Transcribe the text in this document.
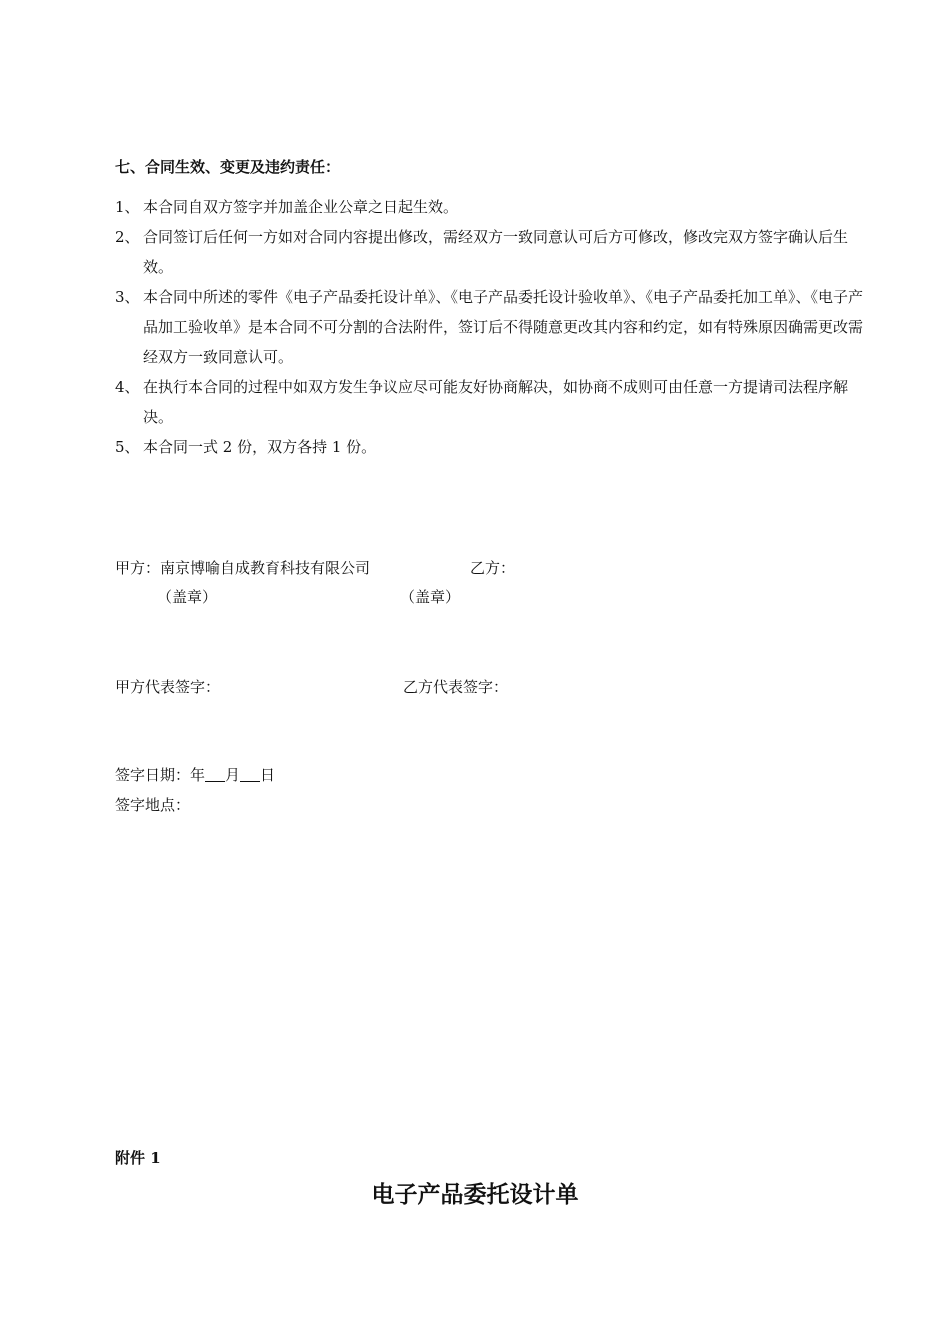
七、合同生效、变更及违约责任：
1、 本合同自双方签字并加盖企业公章之日起生效。
2、 合同签订后任何一方如对合同内容提出修改，需经双方一致同意认可后方可修改，修改完双方签字确认后生效。
3、 本合同中所述的零件《电子产品委托设计单》、《电子产品委托设计验收单》、《电子产品委托加工单》、《电子产品加工验收单》是本合同不可分割的合法附件，签订后不得随意更改其内容和约定，如有特殊原因确需更改需经双方一致同意认可。
4、 在执行本合同的过程中如双方发生争议应尽可能友好协商解决，如协商不成则可由任意一方提请司法程序解决。
5、 本合同一式 2 份，双方各持 1 份。
甲方：南京博喻自成教育科技有限公司	乙方：
（盖章）	（盖章）
甲方代表签字：	乙方代表签字：
签字日期：年 月 日
签字地点：
附件 1
电子产品委托设计单
